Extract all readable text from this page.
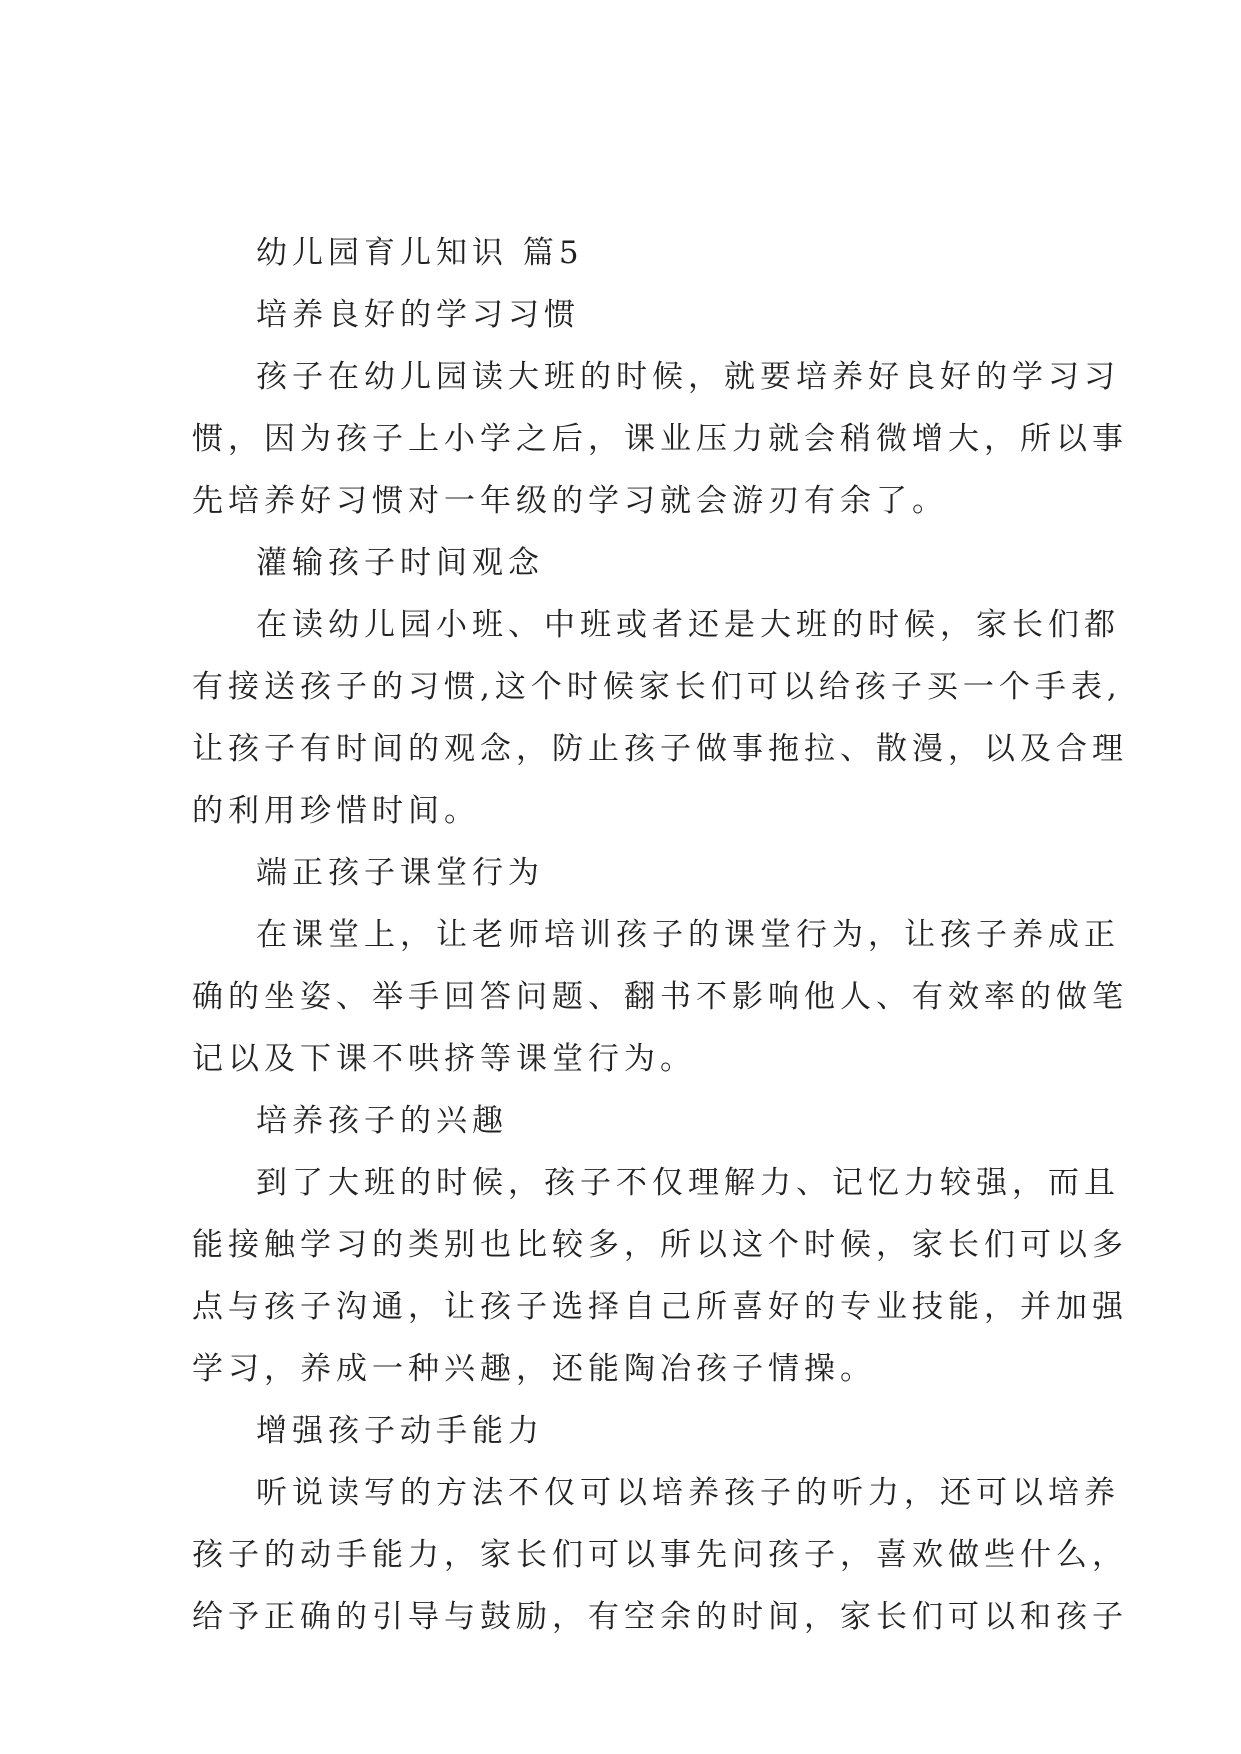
幼儿园育儿知识 篇5
培养良好的学习习惯
孩子在幼儿园读大班的时候，就要培养好良好的学习习
惯，因为孩子上小学之后，课业压力就会稍微增大，所以事
先培养好习惯对一年级的学习就会游刃有余了。
灌输孩子时间观念
在读幼儿园小班、中班或者还是大班的时候，家长们都
有接送孩子的习惯,这个时候家长们可以给孩子买一个手表,
让孩子有时间的观念，防止孩子做事拖拉、散漫，以及合理
的利用珍惜时间。
端正孩子课堂行为
在课堂上，让老师培训孩子的课堂行为，让孩子养成正
确的坐姿、举手回答问题、翻书不影响他人、有效率的做笔
记以及下课不哄挤等课堂行为。
培养孩子的兴趣
到了大班的时候，孩子不仅理解力、记忆力较强，而且
能接触学习的类别也比较多，所以这个时候，家长们可以多
点与孩子沟通，让孩子选择自己所喜好的专业技能，并加强
学习，养成一种兴趣，还能陶冶孩子情操。
增强孩子动手能力
听说读写的方法不仅可以培养孩子的听力，还可以培养
孩子的动手能力，家长们可以事先问孩子，喜欢做些什么，
给予正确的引导与鼓励，有空余的时间，家长们可以和孩子
